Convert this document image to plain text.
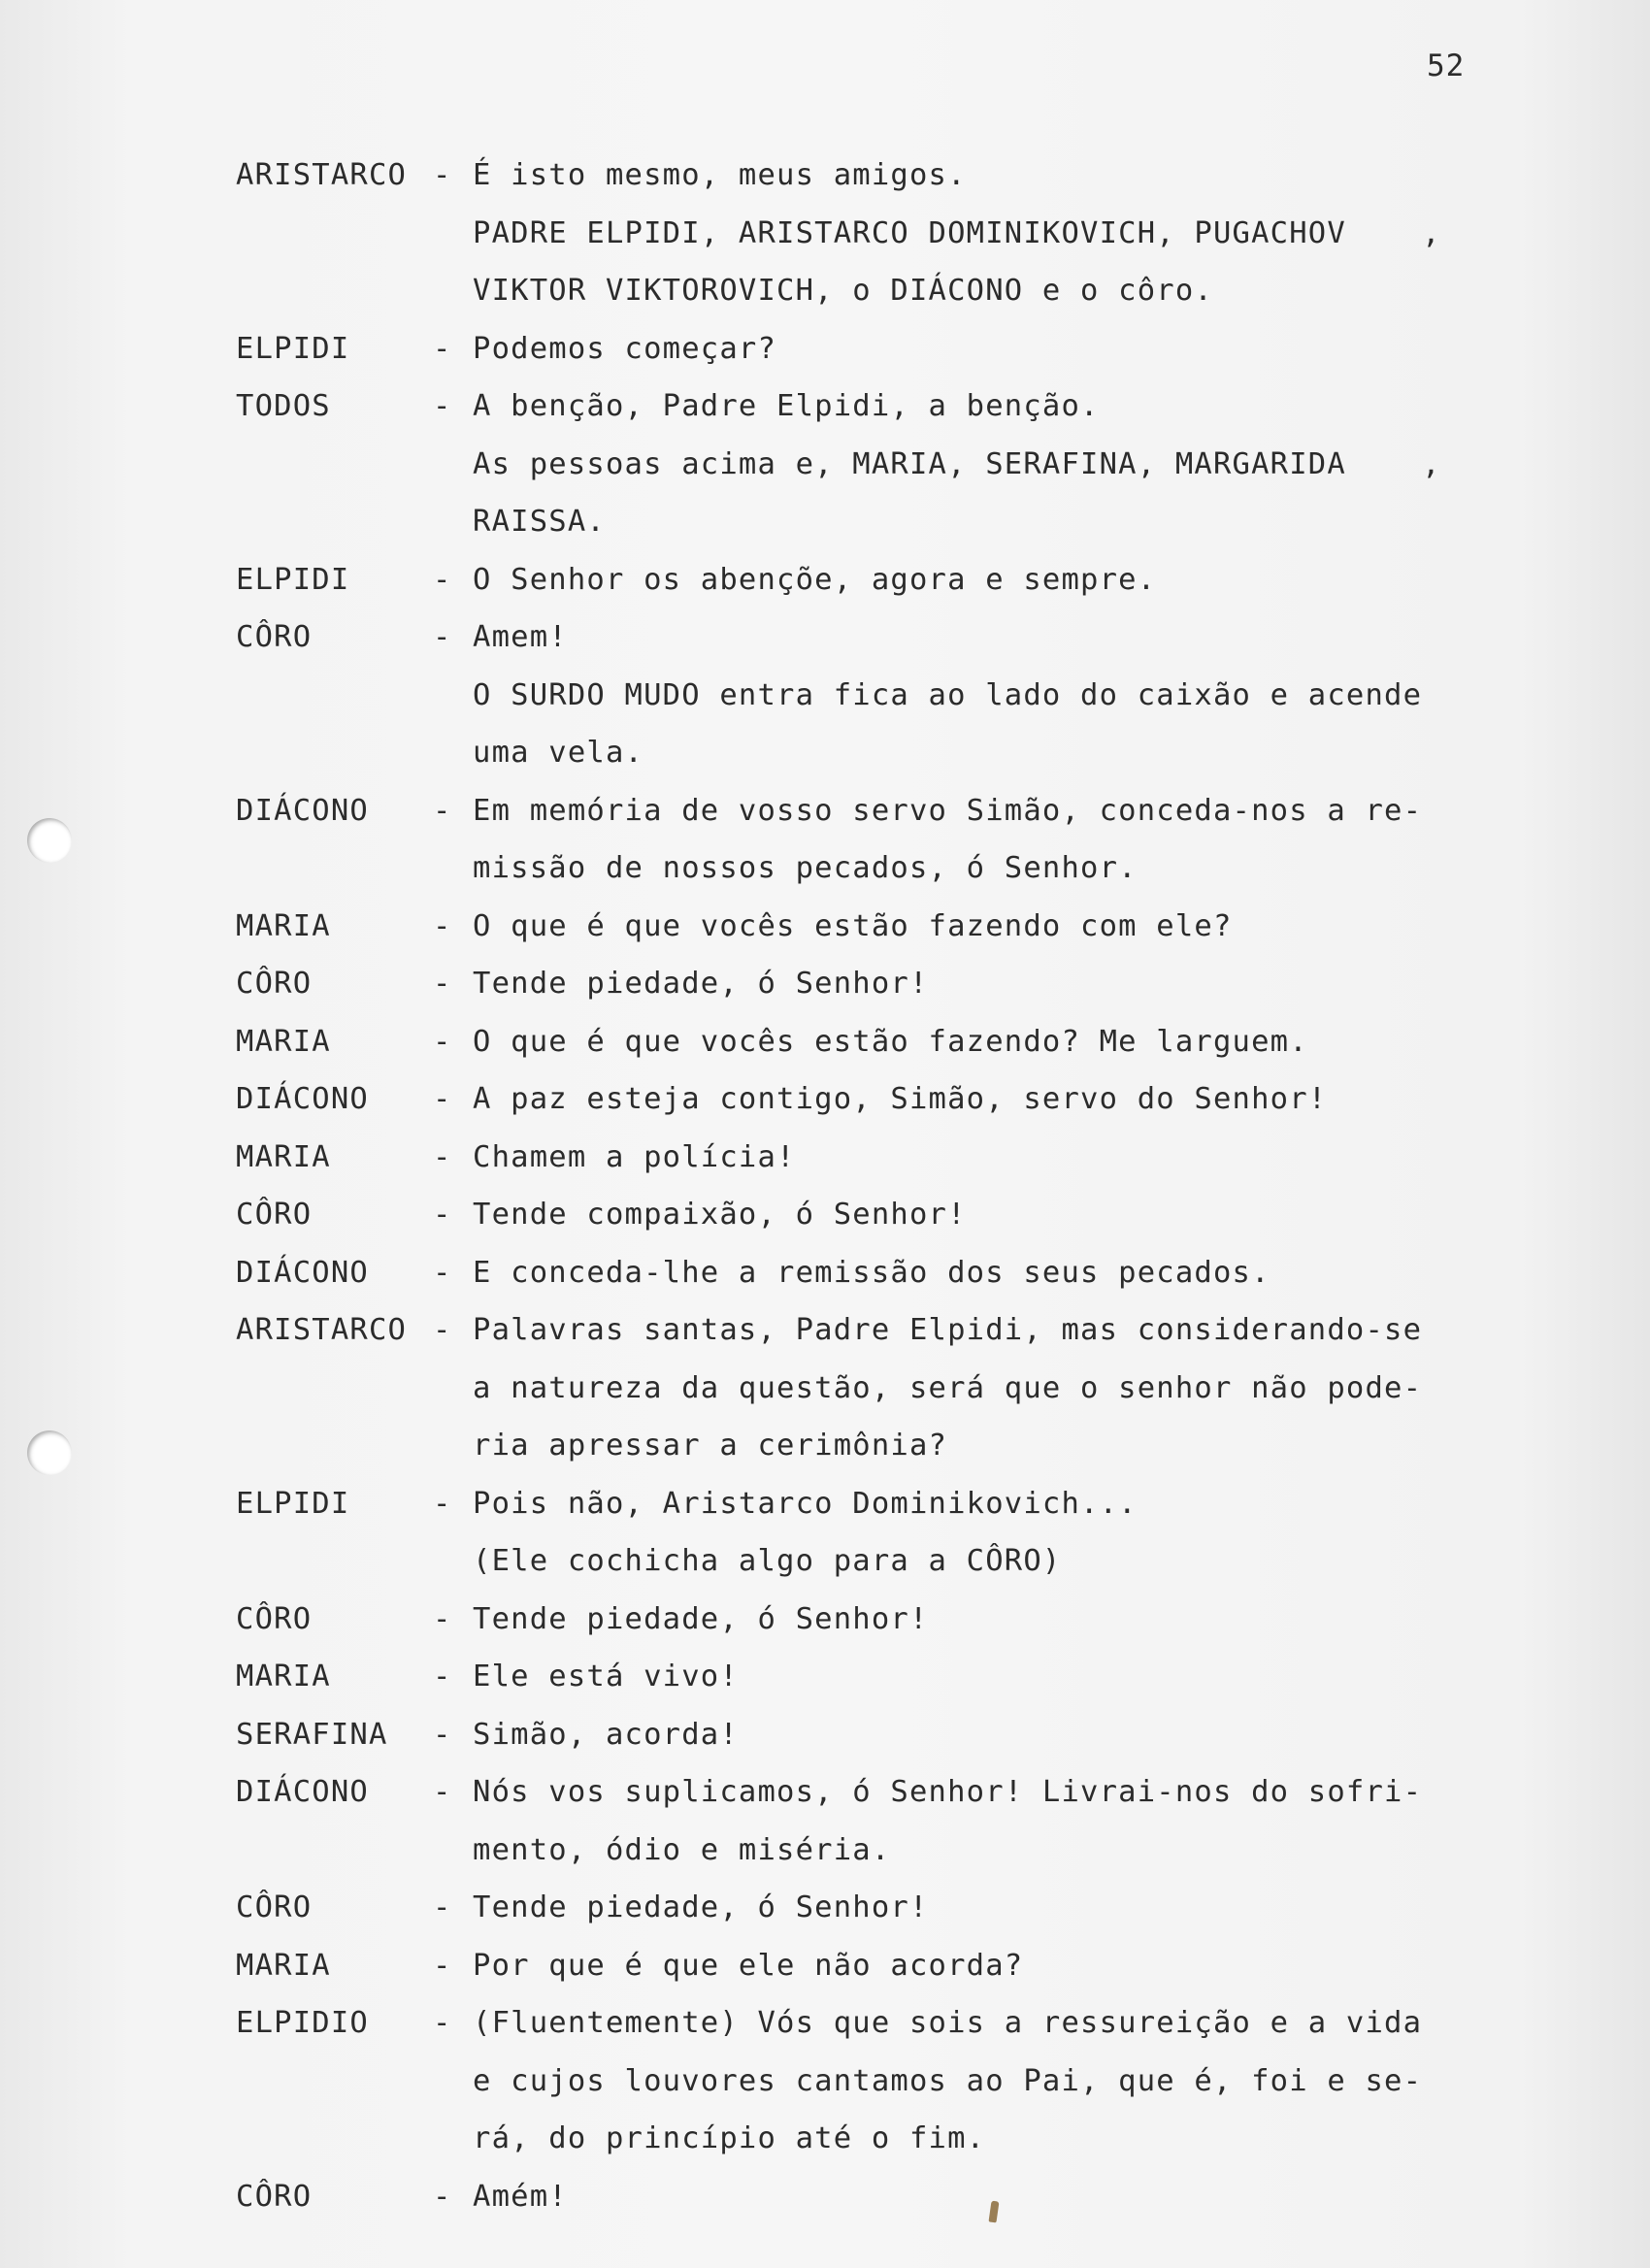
52
ARISTARCO - É isto mesmo, meus amigos.
PADRE ELPIDI, ARISTARCO DOMINIKOVICH, PUGACHOV    ,
VIKTOR VIKTOROVICH, o DIÁCONO e o côro.
ELPIDI	- Podemos começar?
TODOS	- A benção, Padre Elpidi, a benção.
As pessoas acima e, MARIA, SERAFINA, MARGARIDA    ,
RAISSA.
ELPIDI	- O Senhor os abençõe, agora e sempre.
CÔRO	- Amem!
O SURDO MUDO entra fica ao lado do caixão e acende
uma vela.
DIÁCONO - Em memória de vosso servo Simão, conceda-nos a re-
missão de nossos pecados, ó Senhor.
MARIA	- O que é que vocês estão fazendo com ele?
CÔRO	- Tende piedade, ó Senhor!
MARIA	- O que é que vocês estão fazendo? Me larguem.
DIÁCONO - A paz esteja contigo, Simão, servo do Senhor!
MARIA	- Chamem a polícia!
CÔRO	- Tende compaixão, ó Senhor!
DIÁCONO - E conceda-lhe a remissão dos seus pecados.
ARISTARCO - Palavras santas, Padre Elpidi, mas considerando-se
a natureza da questão, será que o senhor não pode-
ria apressar a cerimônia?
ELPIDI	- Pois não, Aristarco Dominikovich...
(Ele cochicha algo para a CÔRO)
CÔRO	- Tende piedade, ó Senhor!
MARIA	- Ele está vivo!
SERAFINA - Simão, acorda!
DIÁCONO - Nós vos suplicamos, ó Senhor! Livrai-nos do sofri-
mento, ódio e miséria.
CÔRO	- Tende piedade, ó Senhor!
MARIA	- Por que é que ele não acorda?
ELPIDIO - (Fluentemente) Vós que sois a ressureição e a vida
e cujos louvores cantamos ao Pai, que é, foi e se-
rá, do princípio até o fim.
CÔRO	- Amém!
